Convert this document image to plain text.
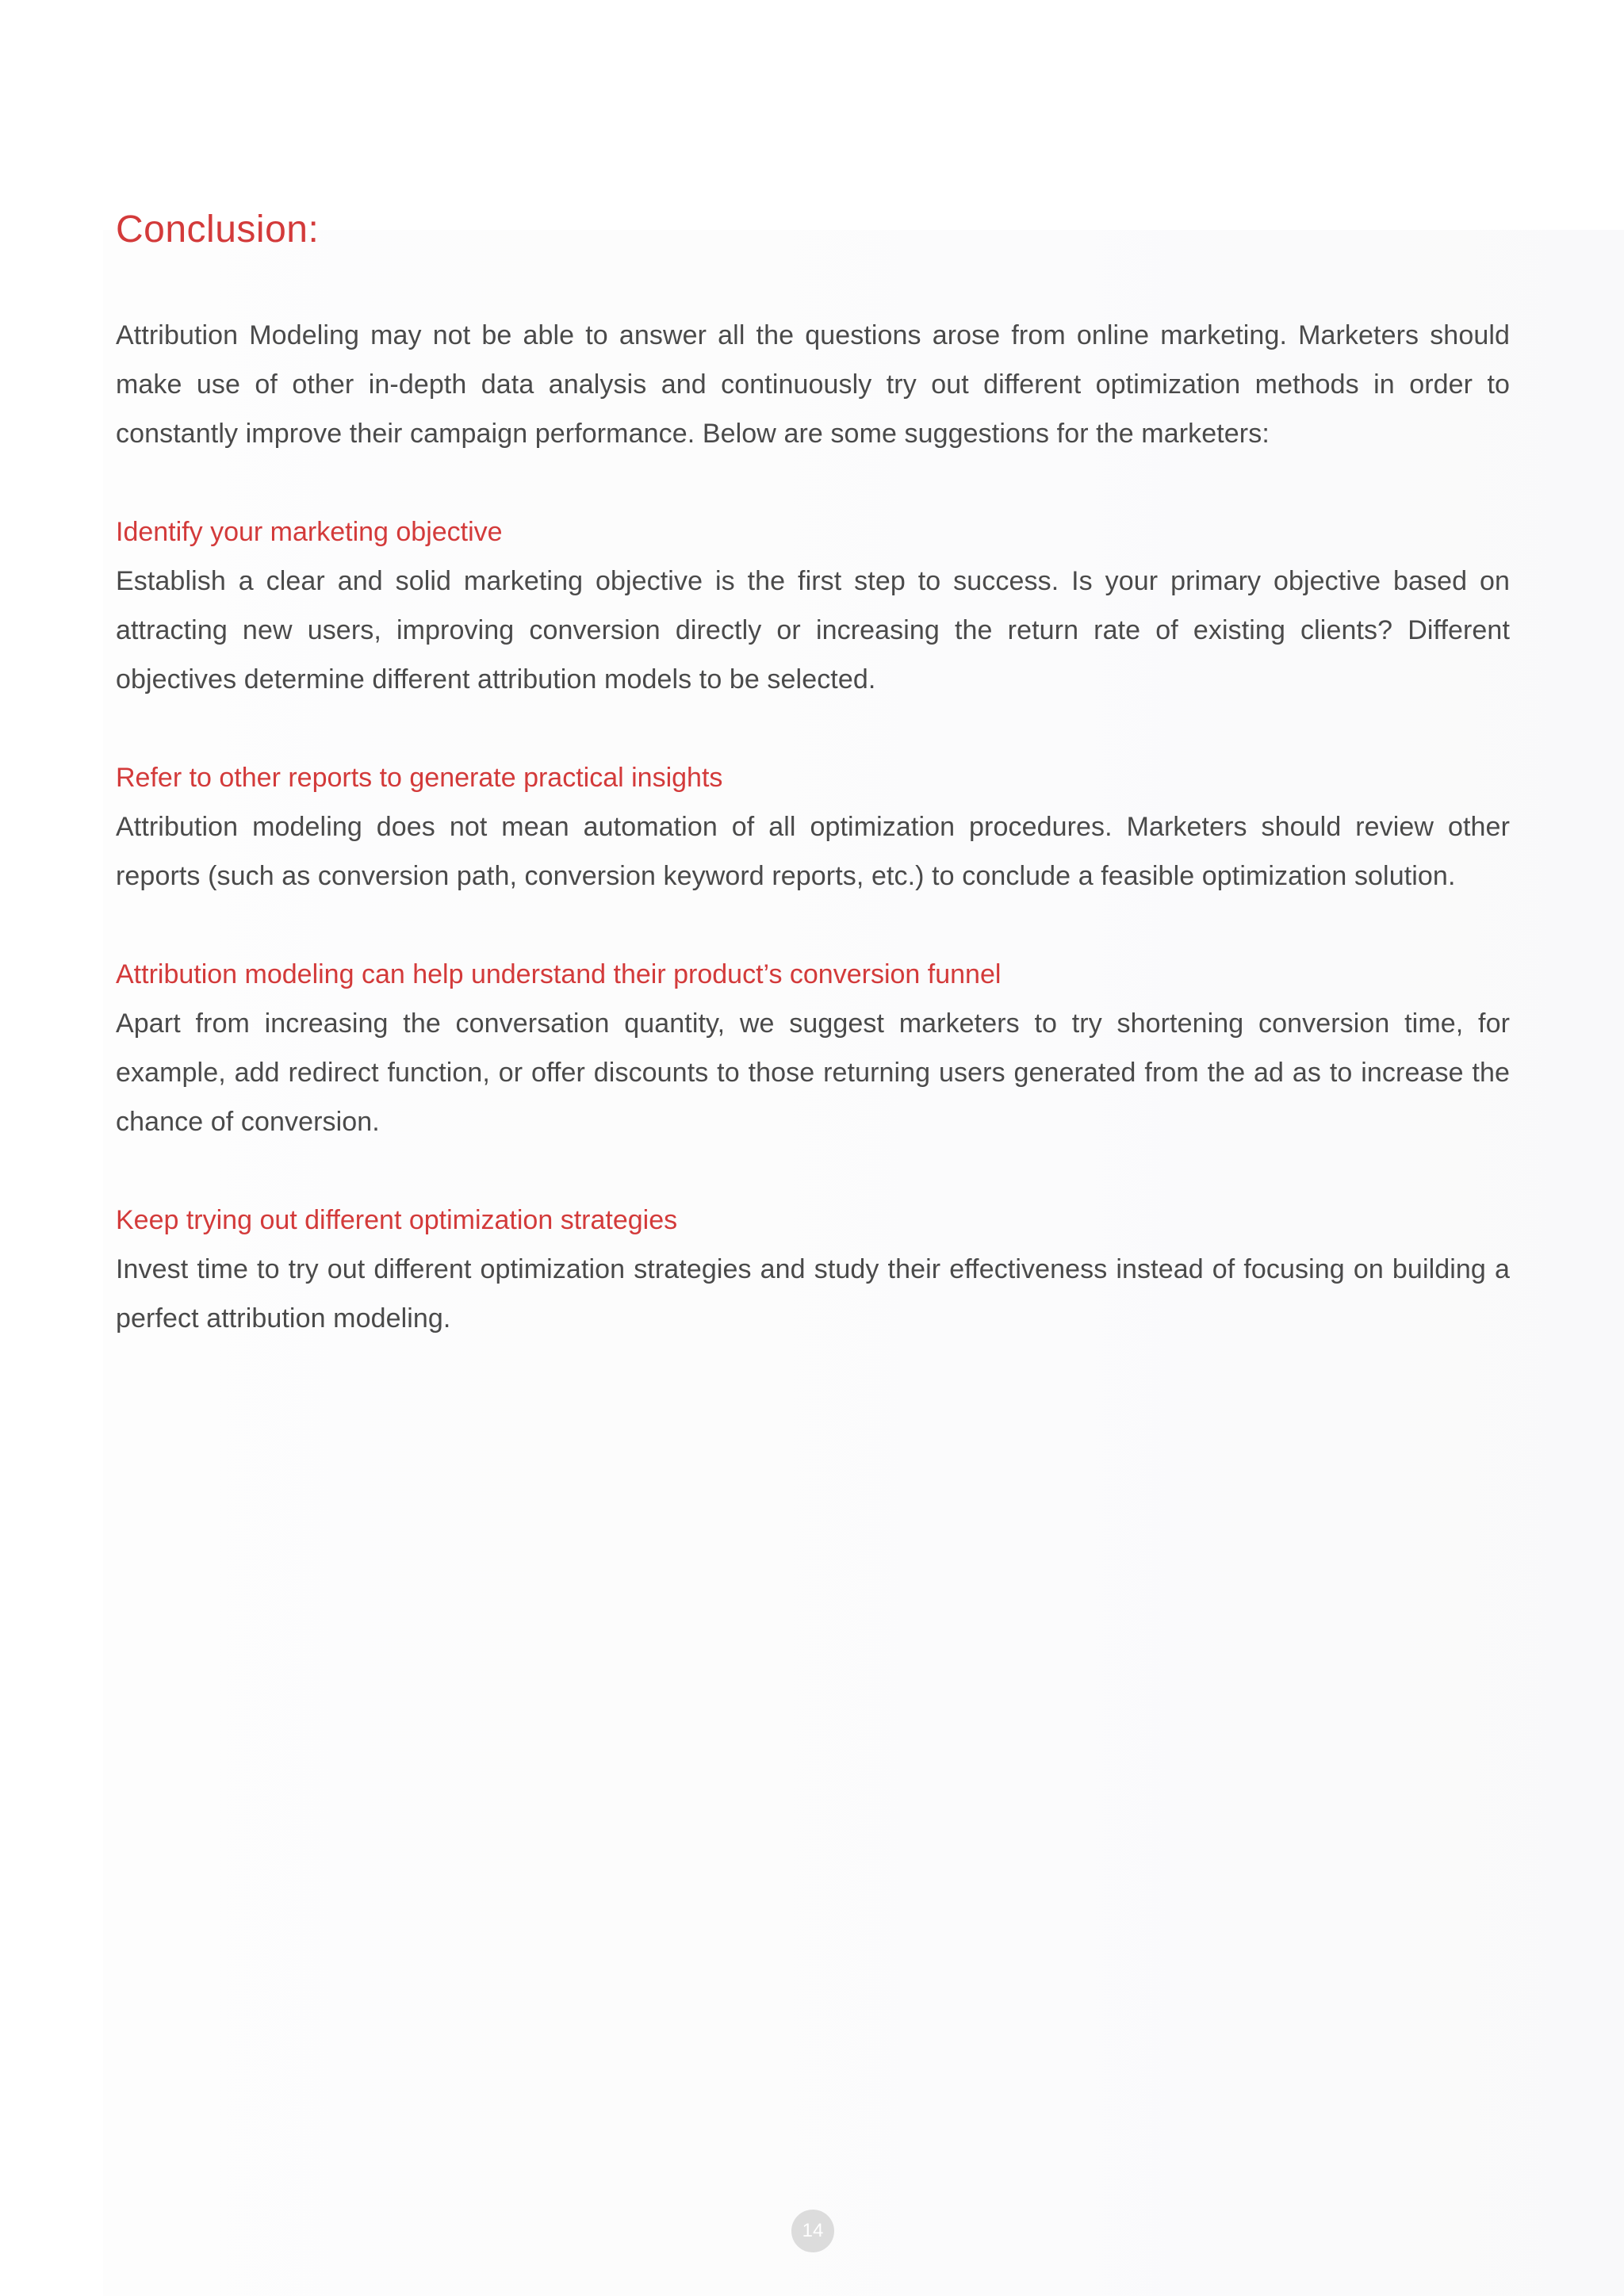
Conclusion:

Attribution Modeling may not be able to answer all the questions arose from online marketing. Marketers should make use of other in-depth data analysis and continuously try out different optimization methods in order to constantly improve their campaign performance. Below are some suggestions for the marketers:

Identify your marketing objective

Establish a clear and solid marketing objective is the first step to success. Is your primary objective based on attracting new users, improving conversion directly or increasing the return rate of existing clients? Different objectives determine different attribution models to be selected.

Refer to other reports to generate practical insights

Attribution modeling does not mean automation of all optimization procedures. Marketers should review other reports (such as conversion path, conversion keyword reports, etc.) to conclude a feasible optimization solution.

Attribution modeling can help understand their product’s conversion funnel

Apart from increasing the conversation quantity, we suggest marketers to try shortening conversion time, for example, add redirect function, or offer discounts to those returning users generated from the ad as to increase the chance of conversion.

Keep trying out different optimization strategies

Invest time to try out different optimization strategies and study their effectiveness instead of focusing on building a perfect attribution modeling.

14
